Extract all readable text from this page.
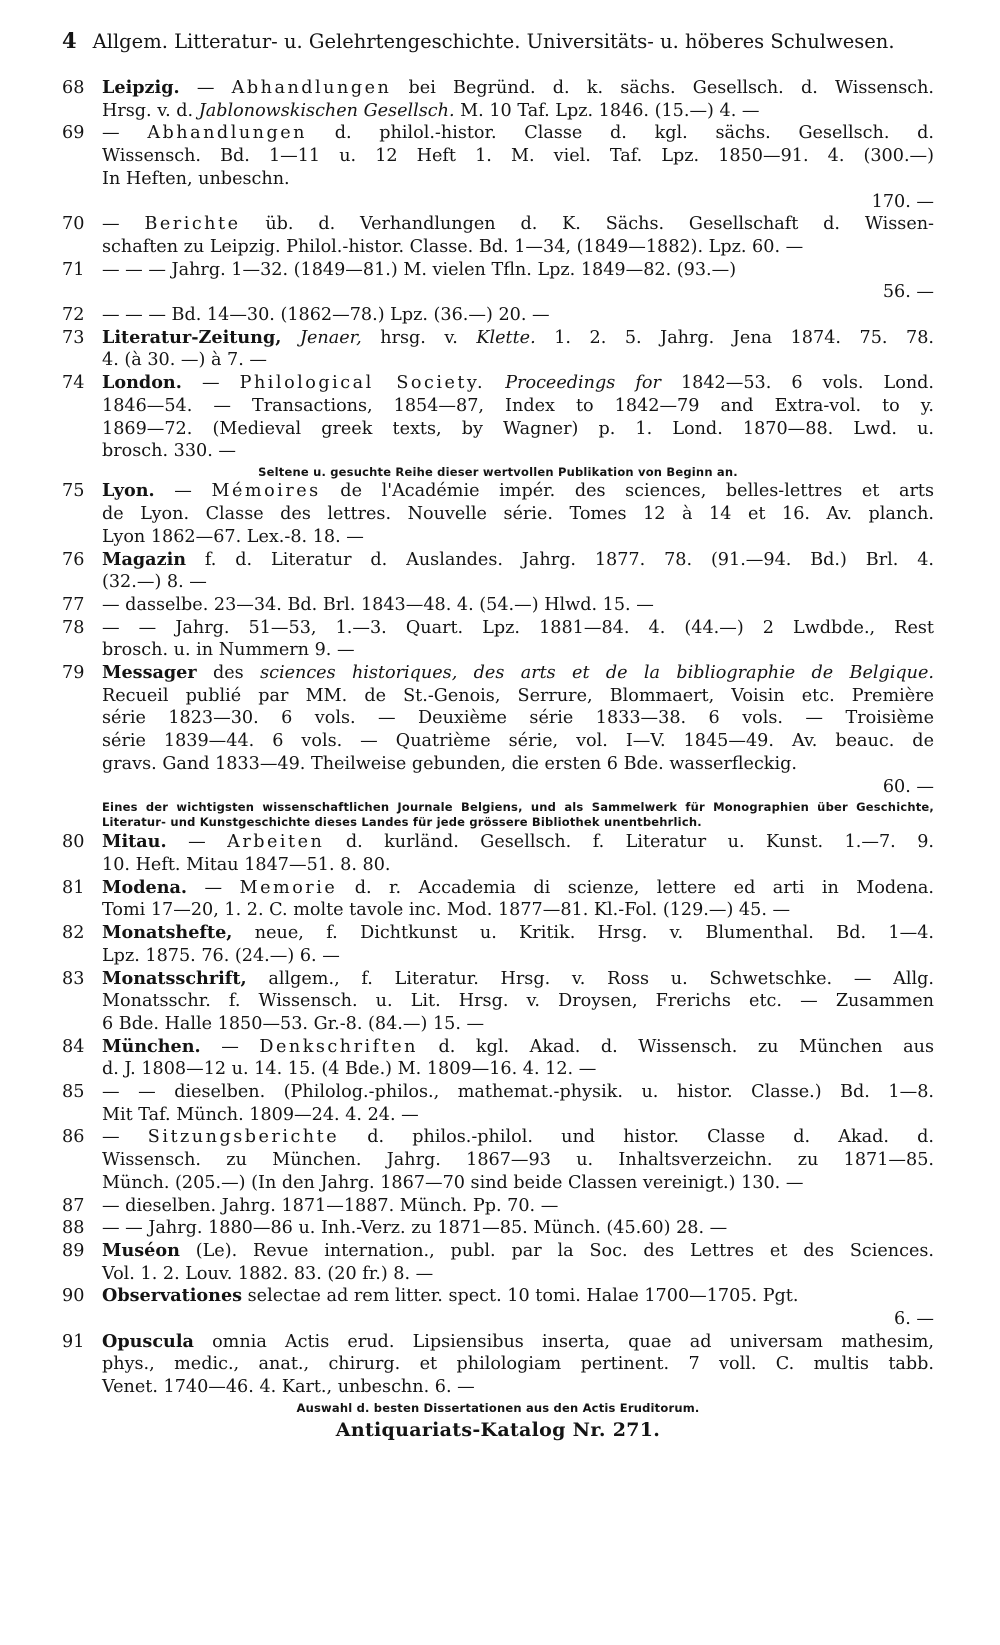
4 Allgem. Litteratur- u. Gelehrtengeschichte. Universitäts- u. höberes Schulwesen.
68	Leipzig. — Abhandlungen bei Begründ. d. k. sächs. Gesellsch. d. Wissensch.

Hrsg. v. d. Jablonowskischen Gesellsch. M. 10 Taf. Lpz. 1846. (15.—) 4. —

69	— Abhandlungen d. philol.-histor. Classe d. kgl. sächs. Gesellsch. d.

Wissensch. Bd. 1—11 u. 12 Heft 1. M. viel. Taf. Lpz. 1850—91. 4. (300.—)

In Heften, unbeschn.

170. —
70	— Berichte üb. d. Verhandlungen d. K. Sächs. Gesellschaft d. Wissen-

schaften zu Leipzig. Philol.-histor. Classe. Bd. 1—34, (1849—1882). Lpz. 60. —

71	— — — Jahrg. 1—32. (1849—81.) M. vielen Tfln. Lpz. 1849—82. (93.—)

56. —
72	— — — Bd. 14—30. (1862—78.) Lpz. (36.—) 20. —

73	Literatur-Zeitung, Jenaer, hrsg. v. Klette. 1. 2. 5. Jahrg. Jena 1874. 75. 78.

4. (à 30. —) à 7. —

74	London. — Philological Society. Proceedings for 1842—53. 6 vols. Lond.

1846—54. — Transactions, 1854—87, Index to 1842—79 and Extra-vol. to y.

1869—72. (Medieval greek texts, by Wagner) p. 1. Lond. 1870—88. Lwd. u.

brosch. 330. —

Seltene u. gesuchte Reihe dieser wertvollen Publikation von Beginn an.
75	Lyon. — Mémoires de l'Académie impér. des sciences, belles-lettres et arts

de Lyon. Classe des lettres. Nouvelle série. Tomes 12 à 14 et 16. Av. planch.

Lyon 1862—67. Lex.-8. 18. —

76	Magazin f. d. Literatur d. Auslandes. Jahrg. 1877. 78. (91.—94. Bd.) Brl. 4.

(32.—) 8. —

77	— dasselbe. 23—34. Bd. Brl. 1843—48. 4. (54.—) Hlwd. 15. —

78	— — Jahrg. 51—53, 1.—3. Quart. Lpz. 1881—84. 4. (44.—) 2 Lwdbde., Rest

brosch. u. in Nummern 9. —

79	Messager des sciences historiques, des arts et de la bibliographie de Belgique.

Recueil publié par MM. de St.-Genois, Serrure, Blommaert, Voisin etc. Première

série 1823—30. 6 vols. — Deuxième série 1833—38. 6 vols. — Troisième

série 1839—44. 6 vols. — Quatrième série, vol. I—V. 1845—49. Av. beauc. de

gravs. Gand 1833—49. Theilweise gebunden, die ersten 6 Bde. wasserfleckig.

60. —
Eines der wichtigsten wissenschaftlichen Journale Belgiens, und als Sammelwerk für Monographien über Geschichte, Literatur- und Kunstgeschichte dieses Landes für jede grössere Bibliothek unentbehrlich.
80	Mitau. — Arbeiten d. kurländ. Gesellsch. f. Literatur u. Kunst. 1.—7. 9.

10. Heft. Mitau 1847—51. 8. 80.

81	Modena. — Memorie d. r. Accademia di scienze, lettere ed arti in Modena.

Tomi 17—20, 1. 2. C. molte tavole inc. Mod. 1877—81. Kl.-Fol. (129.—) 45. —

82	Monatshefte, neue, f. Dichtkunst u. Kritik. Hrsg. v. Blumenthal. Bd. 1—4.

Lpz. 1875. 76. (24.—) 6. —

83	Monatsschrift, allgem., f. Literatur. Hrsg. v. Ross u. Schwetschke. — Allg.

Monatsschr. f. Wissensch. u. Lit. Hrsg. v. Droysen, Frerichs etc. — Zusammen

6 Bde. Halle 1850—53. Gr.-8. (84.—) 15. —

84	München. — Denkschriften d. kgl. Akad. d. Wissensch. zu München aus

d. J. 1808—12 u. 14. 15. (4 Bde.) M. 1809—16. 4. 12. —

85	— — dieselben. (Philolog.-philos., mathemat.-physik. u. histor. Classe.) Bd. 1—8.

Mit Taf. Münch. 1809—24. 4. 24. —

86	— Sitzungsberichte d. philos.-philol. und histor. Classe d. Akad. d.

Wissensch. zu München. Jahrg. 1867—93 u. Inhaltsverzeichn. zu 1871—85.

Münch. (205.—) (In den Jahrg. 1867—70 sind beide Classen vereinigt.) 130. —

87	— dieselben. Jahrg. 1871—1887. Münch. Pp. 70. —

88	— — Jahrg. 1880—86 u. Inh.-Verz. zu 1871—85. Münch. (45.60) 28. —

89	Muséon (Le). Revue internation., publ. par la Soc. des Lettres et des Sciences.

Vol. 1. 2. Louv. 1882. 83. (20 fr.) 8. —

90	Observationes selectae ad rem litter. spect. 10 tomi. Halae 1700—1705. Pgt.

6. —
91	Opuscula omnia Actis erud. Lipsiensibus inserta, quae ad universam mathesim,

phys., medic., anat., chirurg. et philologiam pertinent. 7 voll. C. multis tabb.

Venet. 1740—46. 4. Kart., unbeschn. 6. —

Auswahl d. besten Dissertationen aus den Actis Eruditorum.
Antiquariats-Katalog Nr. 271.
